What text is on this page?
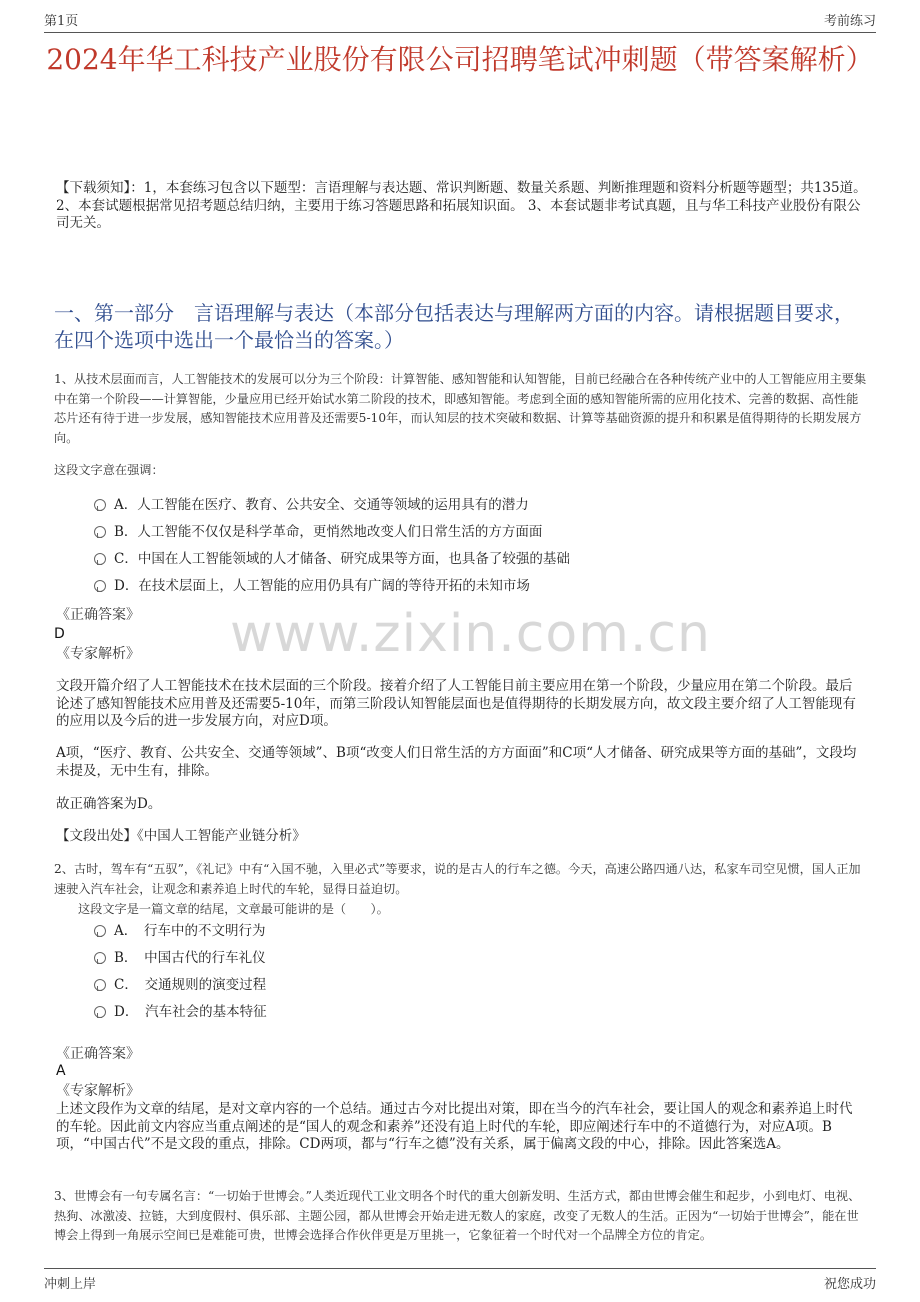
第1页	考前练习
2024年华工科技产业股份有限公司招聘笔试冲刺题（带答案解析）
【下载须知】：1，本套练习包含以下题型：言语理解与表达题、常识判断题、数量关系题、判断推理题和资料分析题等题型；共135道。 2、本套试题根据常见招考题总结归纳，主要用于练习答题思路和拓展知识面。 3、本套试题非考试真题，且与华工科技产业股份有限公司无关。
一、第一部分　言语理解与表达（本部分包括表达与理解两方面的内容。请根据题目要求，在四个选项中选出一个最恰当的答案。）
www.zixin.com.cn
1、从技术层面而言，人工智能技术的发展可以分为三个阶段：计算智能、感知智能和认知智能，目前已经融合在各种传统产业中的人工智能应用主要集中在第一个阶段——计算智能，少量应用已经开始试水第二阶段的技术，即感知智能。考虑到全面的感知智能所需的应用化技术、完善的数据、高性能芯片还有待于进一步发展，感知智能技术应用普及还需要5-10年，而认知层的技术突破和数据、计算等基础资源的提升和积累是值得期待的长期发展方向。
这段文字意在强调：
A．人工智能在医疗、教育、公共安全、交通等领域的运用具有的潜力
B．人工智能不仅仅是科学革命，更悄然地改变人们日常生活的方方面面
C．中国在人工智能领域的人才储备、研究成果等方面，也具备了较强的基础
D．在技术层面上，人工智能的应用仍具有广阔的等待开拓的未知市场
《正确答案》
D
《专家解析》
文段开篇介绍了人工智能技术在技术层面的三个阶段。接着介绍了人工智能目前主要应用在第一个阶段，少量应用在第二个阶段。最后论述了感知智能技术应用普及还需要5-10年，而第三阶段认知智能层面也是值得期待的长期发展方向，故文段主要介绍了人工智能现有的应用以及今后的进一步发展方向，对应D项。
A项，“医疗、教育、公共安全、交通等领域”、B项“改变人们日常生活的方方面面”和C项“人才储备、研究成果等方面的基础”，文段均未提及，无中生有，排除。
故正确答案为D。
【文段出处】《中国人工智能产业链分析》
2、古时，驾车有“五驭”，《礼记》中有“入国不驰，入里必式”等要求，说的是古人的行车之德。今天，高速公路四通八达，私家车司空见惯，国人正加速驶入汽车社会，让观念和素养追上时代的车轮，显得日益迫切。
这段文字是一篇文章的结尾，文章最可能讲的是（　　）。
A．　行车中的不文明行为
B．　中国古代的行车礼仪
C．　交通规则的演变过程
D．　汽车社会的基本特征
《正确答案》
A
《专家解析》
上述文段作为文章的结尾，是对文章内容的一个总结。通过古今对比提出对策，即在当今的汽车社会，要让国人的观念和素养追上时代的车轮。因此前文内容应当重点阐述的是“国人的观念和素养”还没有追上时代的车轮，即应阐述行车中的不道德行为，对应A项。B项，“中国古代”不是文段的重点，排除。CD两项，都与“行车之德”没有关系，属于偏离文段的中心，排除。因此答案选A。
3、世博会有一句专属名言：“一切始于世博会。”人类近现代工业文明各个时代的重大创新发明、生活方式，都由世博会催生和起步，小到电灯、电视、热狗、冰激凌、拉链，大到度假村、俱乐部、主题公园，都从世博会开始走进无数人的家庭，改变了无数人的生活。正因为“一切始于世博会”，能在世博会上得到一角展示空间已是难能可贵，世博会选择合作伙伴更是万里挑一，它象征着一个时代对一个品牌全方位的肯定。
冲刺上岸	祝您成功
